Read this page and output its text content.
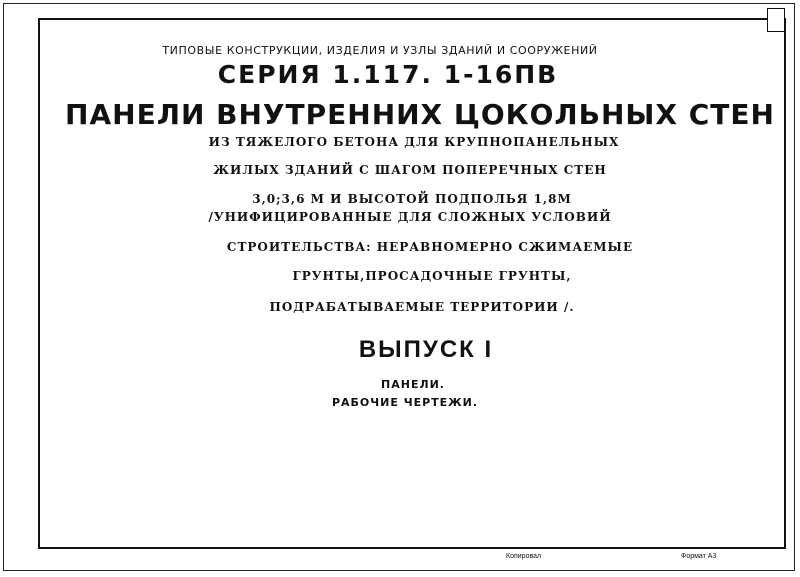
ТИПОВЫЕ КОНСТРУКЦИИ, ИЗДЕЛИЯ И УЗЛЫ ЗДАНИЙ И СООРУЖЕНИЙ
СЕРИЯ 1.117. 1-16ПВ
ПАНЕЛИ ВНУТРЕННИХ ЦОКОЛЬНЫХ СТЕН
ИЗ ТЯЖЕЛОГО БЕТОНА ДЛЯ КРУПНОПАНЕЛЬНЫХ
ЖИЛЫХ ЗДАНИЙ С ШАГОМ ПОПЕРЕЧНЫХ СТЕН
3,0;3,6 М И ВЫСОТОЙ ПОДПОЛЬЯ 1,8М
/УНИФИЦИРОВАННЫЕ ДЛЯ СЛОЖНЫХ УСЛОВИЙ
СТРОИТЕЛЬСТВА: НЕРАВНОМЕРНО СЖИМАЕМЫЕ
ГРУНТЫ,ПРОСАДОЧНЫЕ ГРУНТЫ,
ПОДРАБАТЫВАЕМЫЕ ТЕРРИТОРИИ /.
ВЫПУСК I
ПАНЕЛИ.
РАБОЧИЕ ЧЕРТЕЖИ.
Копировал	Формат А3
